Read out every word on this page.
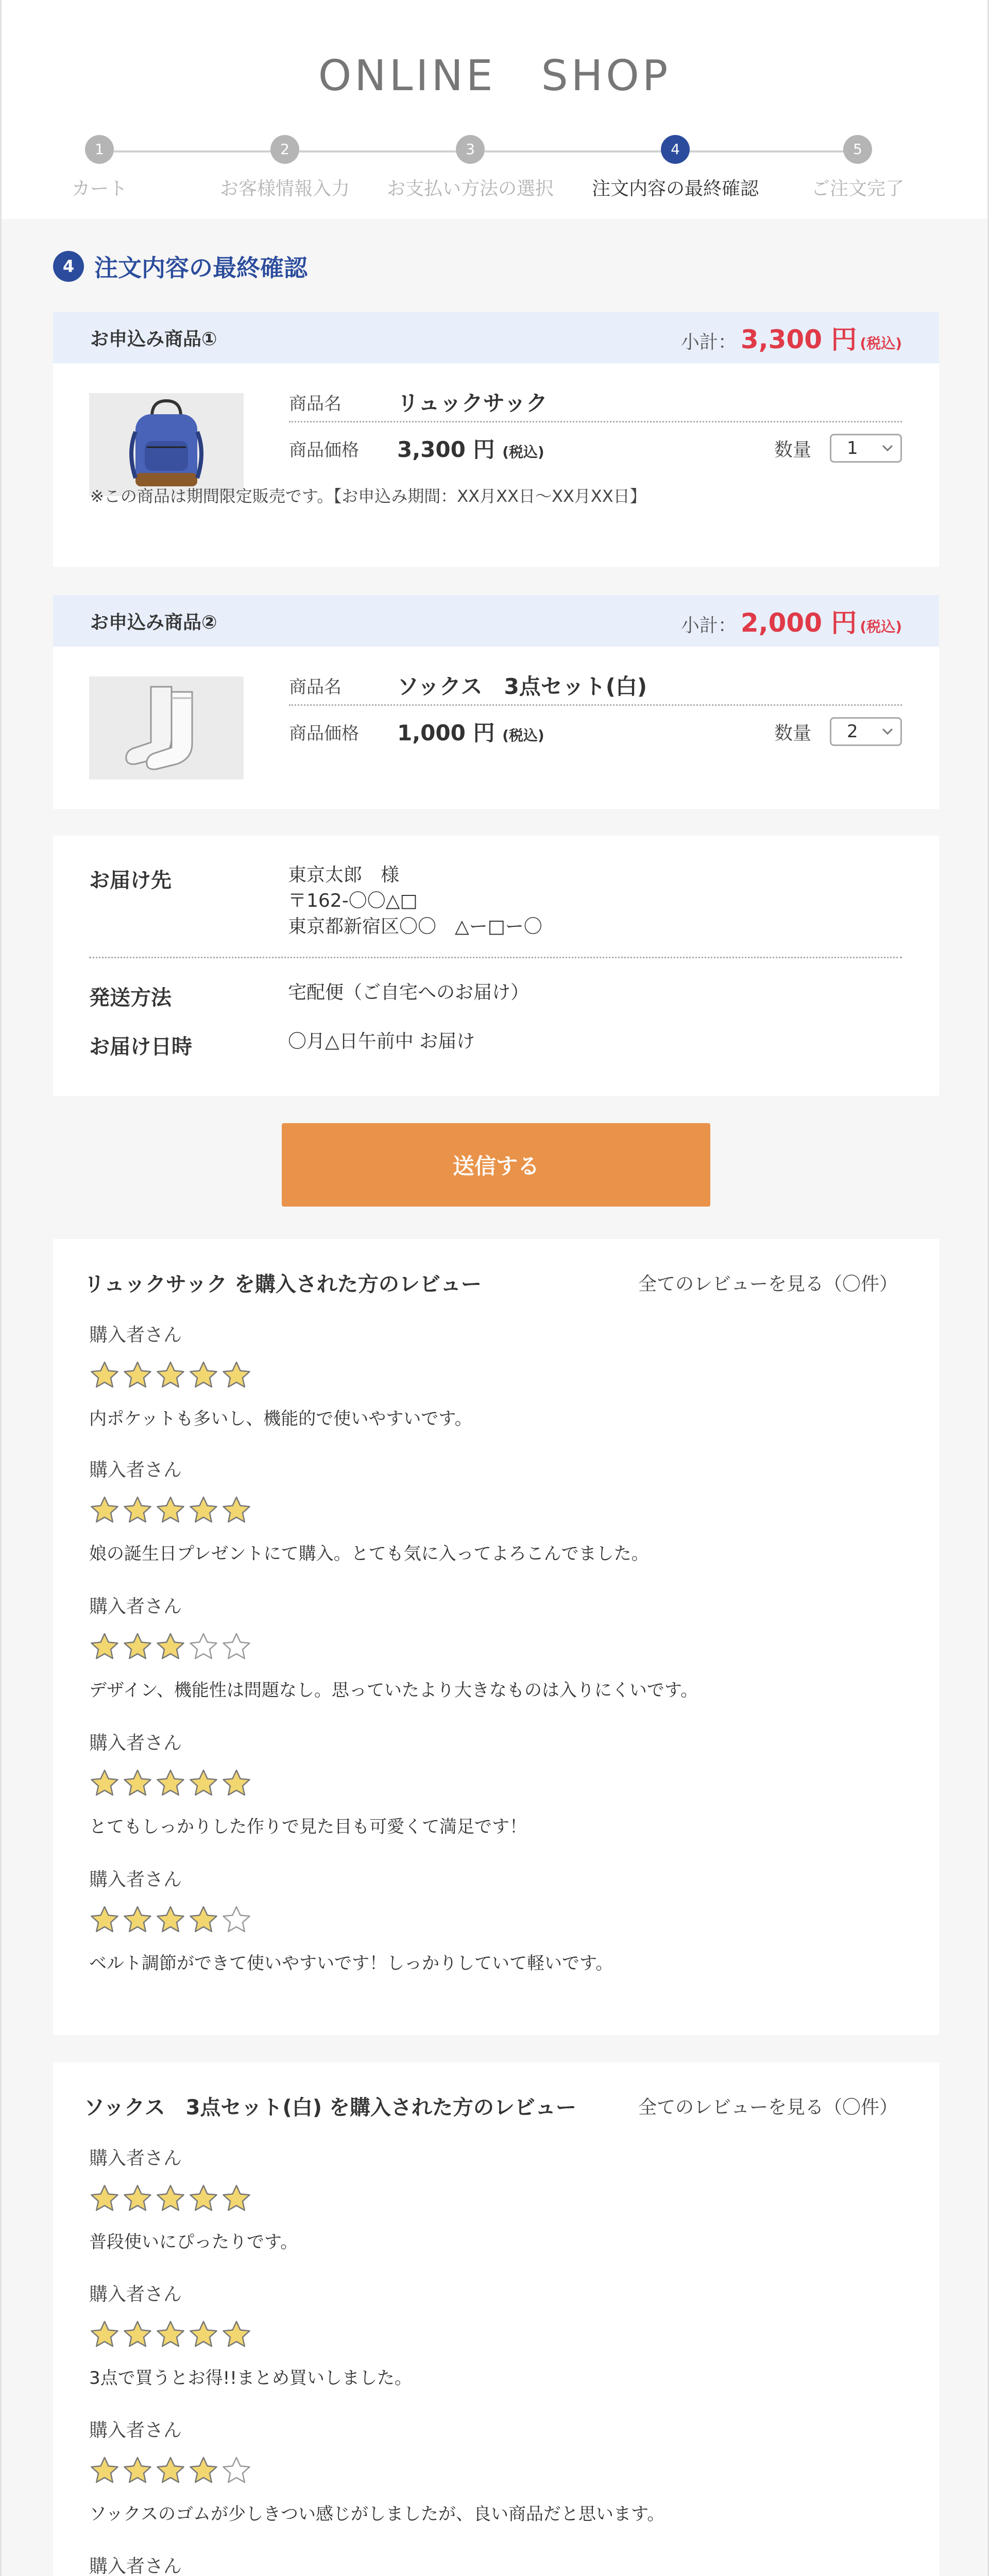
ONLINE　SHOP
1
カート
2
お客様情報入力
3
お支払い方法の選択
4
注文内容の最終確認
5
ご注文完了
4 注文内容の最終確認
お申込み商品①	小計： 3,300 円 (税込)
商品名	リュックサック
商品価格	3,300 円 (税込)	数量 1
※この商品は期間限定販売です。【お申込み期間：XX月XX日〜XX月XX日】
お申込み商品②	小計： 2,000 円 (税込)
商品名	ソックス　3点セット(白)
商品価格	1,000 円 (税込)	数量 2
お届け先	東京太郎　様
〒162-〇〇△□
東京都新宿区〇〇　△ー□ー〇
発送方法	宅配便（ご自宅へのお届け）
お届け日時	〇月△日午前中 お届け
送信する
リュックサック を購入された方のレビュー	全てのレビューを見る（〇件）
購入者さん
内ポケットも多いし、機能的で使いやすいです。
購入者さん
娘の誕生日プレゼントにて購入。とても気に入ってよろこんでました。
購入者さん
デザイン、機能性は問題なし。思っていたより大きなものは入りにくいです。
購入者さん
とてもしっかりした作りで見た目も可愛くて満足です！
購入者さん
ベルト調節ができて使いやすいです！しっかりしていて軽いです。
ソックス　3点セット(白) を購入された方のレビュー	全てのレビューを見る（〇件）
購入者さん
普段使いにぴったりです。
購入者さん
3点で買うとお得!!まとめ買いしました。
購入者さん
ソックスのゴムが少しきつい感じがしましたが、良い商品だと思います。
購入者さん
